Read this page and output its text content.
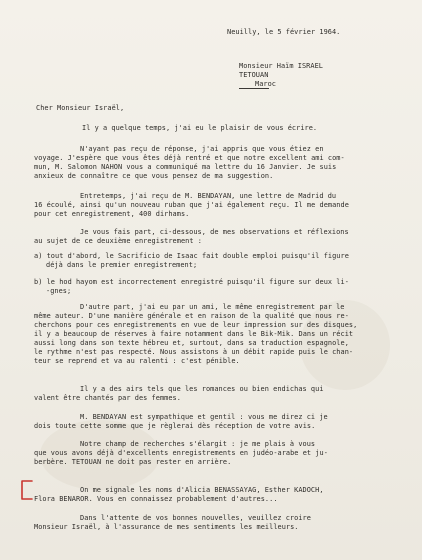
Neuilly, le 5 février 1964.
Monsieur Haïm ISRAEL
TETOUAN
Maroc
Cher Monsieur Israël,
Il y a quelque temps, j'ai eu le plaisir de vous écrire.
N'ayant pas reçu de réponse, j'ai appris que vous étiez en
voyage. J'espère que vous êtes déjà rentré et que notre excellent ami com-
mun, M. Salomon NAHON vous a communiqué ma lettre du 16 Janvier. Je suis
anxieux de connaître ce que vous pensez de ma suggestion.
Entretemps, j'ai reçu de M. BENDAYAN, une lettre de Madrid du
16 écoulé, ainsi qu'un nouveau ruban que j'ai également reçu. Il me demande
pour cet enregistrement, 400 dirhams.
Je vous fais part, ci-dessous, de mes observations et réflexions
au sujet de ce deuxième enregistrement :
a) tout d'abord, le Sacrificio de Isaac fait double emploi puisqu'il figure
déjà dans le premier enregistrement;
b) le hod hayom est incorrectement enregistré puisqu'il figure sur deux li-
-gnes;
D'autre part, j'ai eu par un ami, le même enregistrement par le
même auteur. D'une manière générale et en raison de la qualité que nous re-
cherchons pour ces enregistrements en vue de leur impression sur des disques,
il y a beaucoup de réserves à faire notamment dans le Bik-Mik. Dans un récit
aussi long dans son texte hébreu et, surtout, dans sa traduction espagnole,
le rythme n'est pas respecté. Nous assistons à un débit rapide puis le chan-
teur se reprend et va au ralenti : c'est pénible.
Il y a des airs tels que les romances ou bien endichas qui
valent être chantés par des femmes.
M. BENDAYAN est sympathique et gentil : vous me direz ci je
dois toute cette somme que je règlerai dès réception de votre avis.
Notre champ de recherches s'élargit : je me plais à vous
que vous avons déjà d'excellents enregistrements en judéo-arabe et ju-
berbère. TETOUAN ne doit pas rester en arrière.
On me signale les noms d'Alicia BENASSAYAG, Esther KADOCH,
Flora BENAROR. Vous en connaissez probablement d'autres...
Dans l'attente de vos bonnes nouvelles, veuillez croire
Monsieur Israël, à l'assurance de mes sentiments les meilleurs.
